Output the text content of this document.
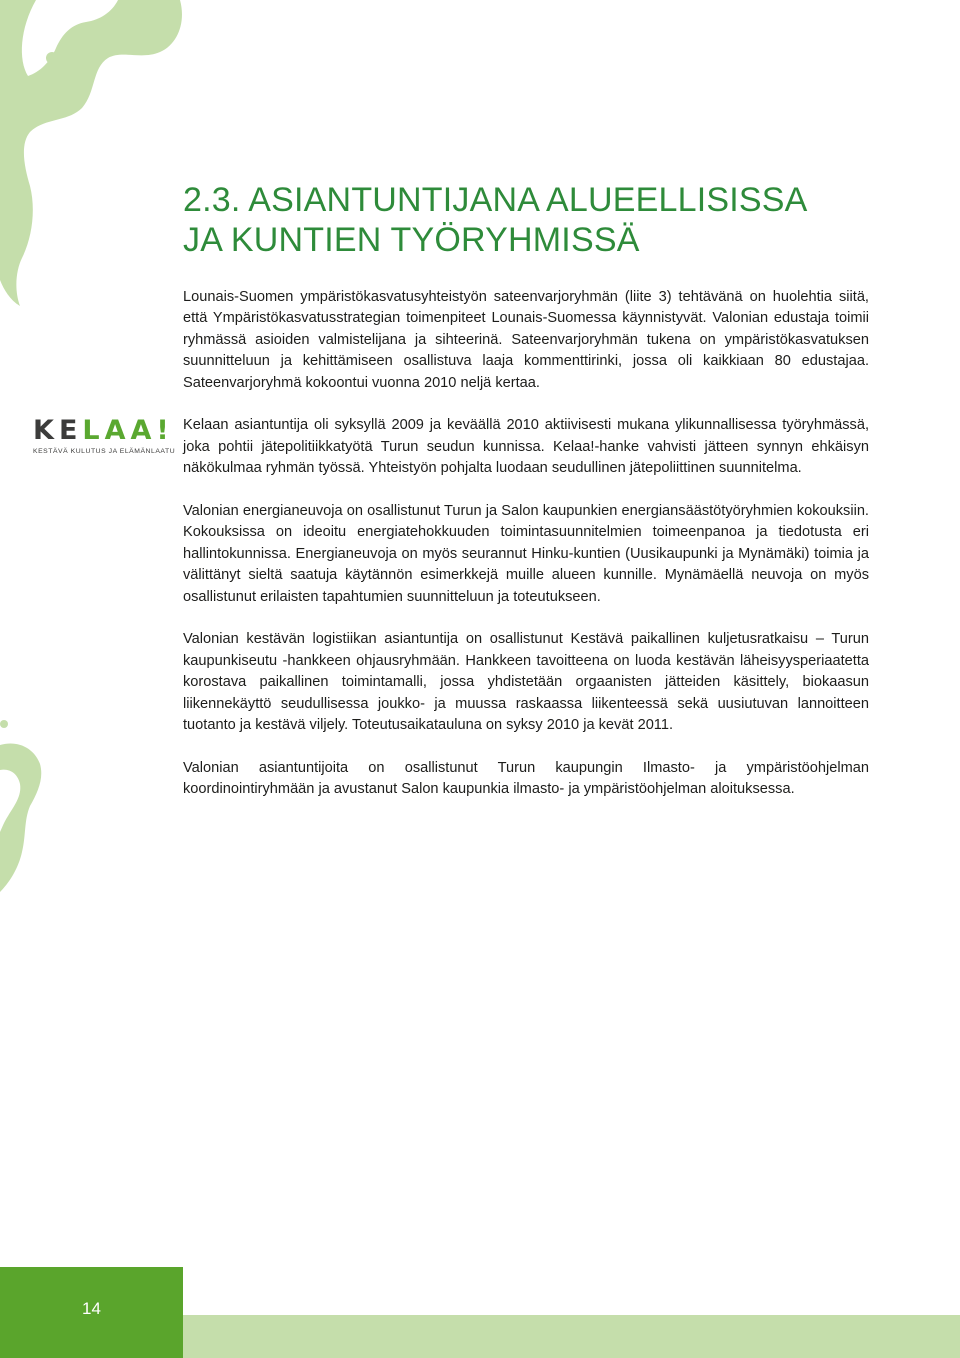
2.3. ASIANTUNTIJANA ALUEELLISISSA
JA KUNTIEN TYÖRYHMISSÄ
KELAA!
KESTÄVÄ KULUTUS JA ELÄMÄNLAATU

Lounais-Suomen ympäristökasvatusyhteistyön sateenvarjoryhmän (liite 3) tehtävänä on huolehtia siitä, että Ympäristökasvatusstrategian toimenpiteet Lounais-Suomessa käynnistyvät. Valonian edustaja toimii ryhmässä asioiden valmistelijana ja sihteerinä. Sateenvarjoryhmän tukena on ympäristökasvatuksen suunnitteluun ja kehittämiseen osallistuva laaja kommenttirinki, jossa oli kaikkiaan 80 edustajaa. Sateenvarjoryhmä kokoontui vuonna 2010 neljä kertaa.

Kelaan asiantuntija oli syksyllä 2009 ja keväällä 2010 aktiivisesti mukana ylikunnallisessa työryhmässä, joka pohtii jätepolitiikkatyötä Turun seudun kunnissa. Kelaa!-hanke vahvisti jätteen synnyn ehkäisyn näkökulmaa ryhmän työssä. Yhteistyön pohjalta luodaan seudullinen jätepoliittinen suunnitelma.

Valonian energianeuvoja on osallistunut Turun ja Salon kaupunkien energiansäästötyöryhmien kokouksiin. Kokouksissa on ideoitu energiatehokkuuden toimintasuunnitelmien toimeenpanoa ja tiedotusta eri hallintokunnissa. Energianeuvoja on myös seurannut Hinku-kuntien (Uusikaupunki ja Mynämäki) toimia ja välittänyt sieltä saatuja käytännön esimerkkejä muille alueen kunnille. Mynämäellä neuvoja on myös osallistunut erilaisten tapahtumien suunnitteluun ja toteutukseen.

Valonian kestävän logistiikan asiantuntija on osallistunut Kestävä paikallinen kuljetusratkaisu – Turun kaupunkiseutu -hankkeen ohjausryhmään. Hankkeen tavoitteena on luoda kestävän läheisyysperiaatetta korostava paikallinen toimintamalli, jossa yhdistetään orgaanisten jätteiden käsittely, biokaasun liikennekäyttö seudullisessa joukko- ja muussa raskaassa liikenteessä sekä uusiutuvan lannoitteen tuotanto ja kestävä viljely. Toteutusaikatauluna on syksy 2010 ja kevät 2011.

Valonian asiantuntijoita on osallistunut Turun kaupungin Ilmasto- ja ympäristöohjelman koordinointiryhmään ja avustanut Salon kaupunkia ilmasto- ja ympäristöohjelman aloituksessa.

14
